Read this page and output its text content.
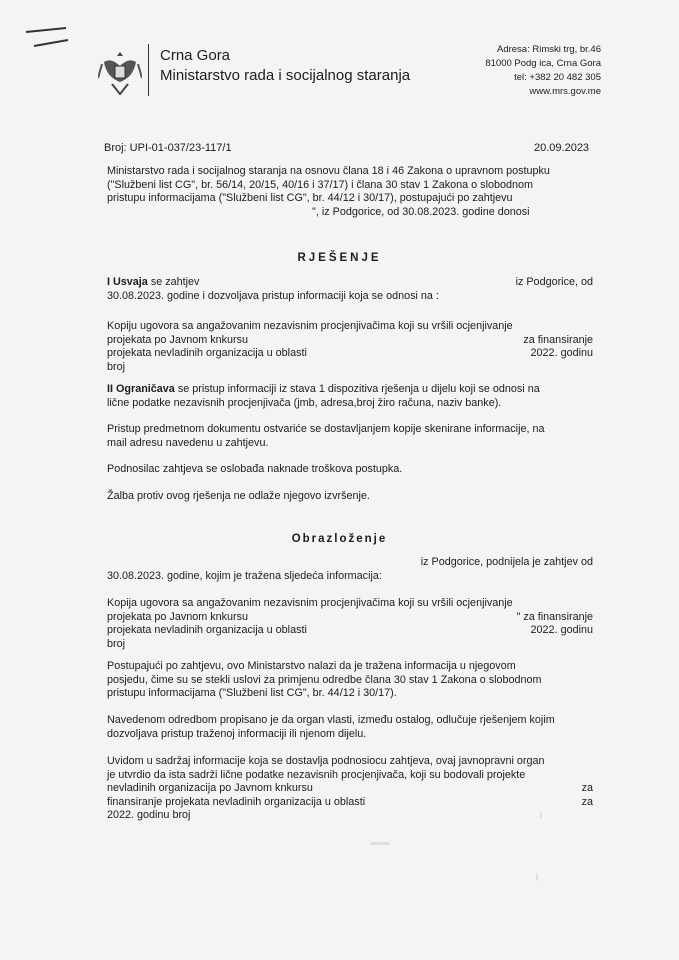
Crna Gora
Ministarstvo rada i socijalnog staranja
Adresa: Rimski trg, br.46
81000 Podg ica, Crna Gora
tel: +382 20 482 305
www.mrs.gov.me
Broj: UPI-01-037/23-117/1	20.09.2023
Ministarstvo rada i socijalnog staranja na osnovu člana 18 i 46 Zakona o upravnom postupku
("Službeni list CG", br. 56/14, 20/15, 40/16 i 37/17) i člana 30 stav 1 Zakona o slobodnom
pristupu informacijama ("Službeni list CG", br. 44/12 i 30/17), postupajući po zahtjevu
", iz Podgorice, od 30.08.2023. godine donosi
RJEŠENJE
I Usvaja se zahtjev	iz Podgorice, od
30.08.2023. godine i dozvoljava pristup informaciji koja se odnosi na :
Kopiju ugovora sa angažovanim nezavisnim procjenjivačima koji su vršili ocjenjivanje
projekata po Javnom knkursu	za finansiranje
projekata nevladinih organizacija u oblasti	2022. godinu
broj
II Ograničava se pristup informaciji iz stava 1 dispozitiva rješenja u dijelu koji se odnosi na
lične podatke nezavisnih procjenjivača (jmb, adresa,broj žiro računa, naziv banke).
Pristup predmetnom dokumentu ostvariće se dostavljanjem kopije skenirane informacije, na
mail adresu navedenu u zahtjevu.
Podnosilac zahtjeva se oslobađa naknade troškova postupka.
Žalba protiv ovog rješenja ne odlaže njegovo izvršenje.
Obrazloženje
iz Podgorice, podnijela je zahtjev od
30.08.2023. godine, kojim je tražena sljedeća informacija:
Kopija ugovora sa angažovanim nezavisnim procjenjivačima koji su vršili ocjenjivanje
projekata po Javnom knkursu	" za finansiranje
projekata nevladinih organizacija u oblasti	2022. godinu
broj
Postupajući po zahtjevu, ovo Ministarstvo nalazi da je tražena informacija u njegovom
posjedu, čime su se stekli uslovi za primjenu odredbe člana 30 stav 1 Zakona o slobodnom
pristupu informacijama ("Službeni list CG", br. 44/12 i 30/17).
Navedenom odredbom propisano je da organ vlasti, između ostalog, odlučuje rješenjem kojim
dozvoljava pristup traženoj informaciji ili njenom dijelu.
Uvidom u sadržaj informacije koja se dostavlja podnosiocu zahtjeva, ovaj javnopravni organ
je utvrdio da ista sadrži lične podatke nezavisnih procjenjivača, koji su bodovali projekte
nevladinih organizacija po Javnom knkursu	za
finansiranje projekata nevladinih organizacija u oblasti	za
2022. godinu broj
